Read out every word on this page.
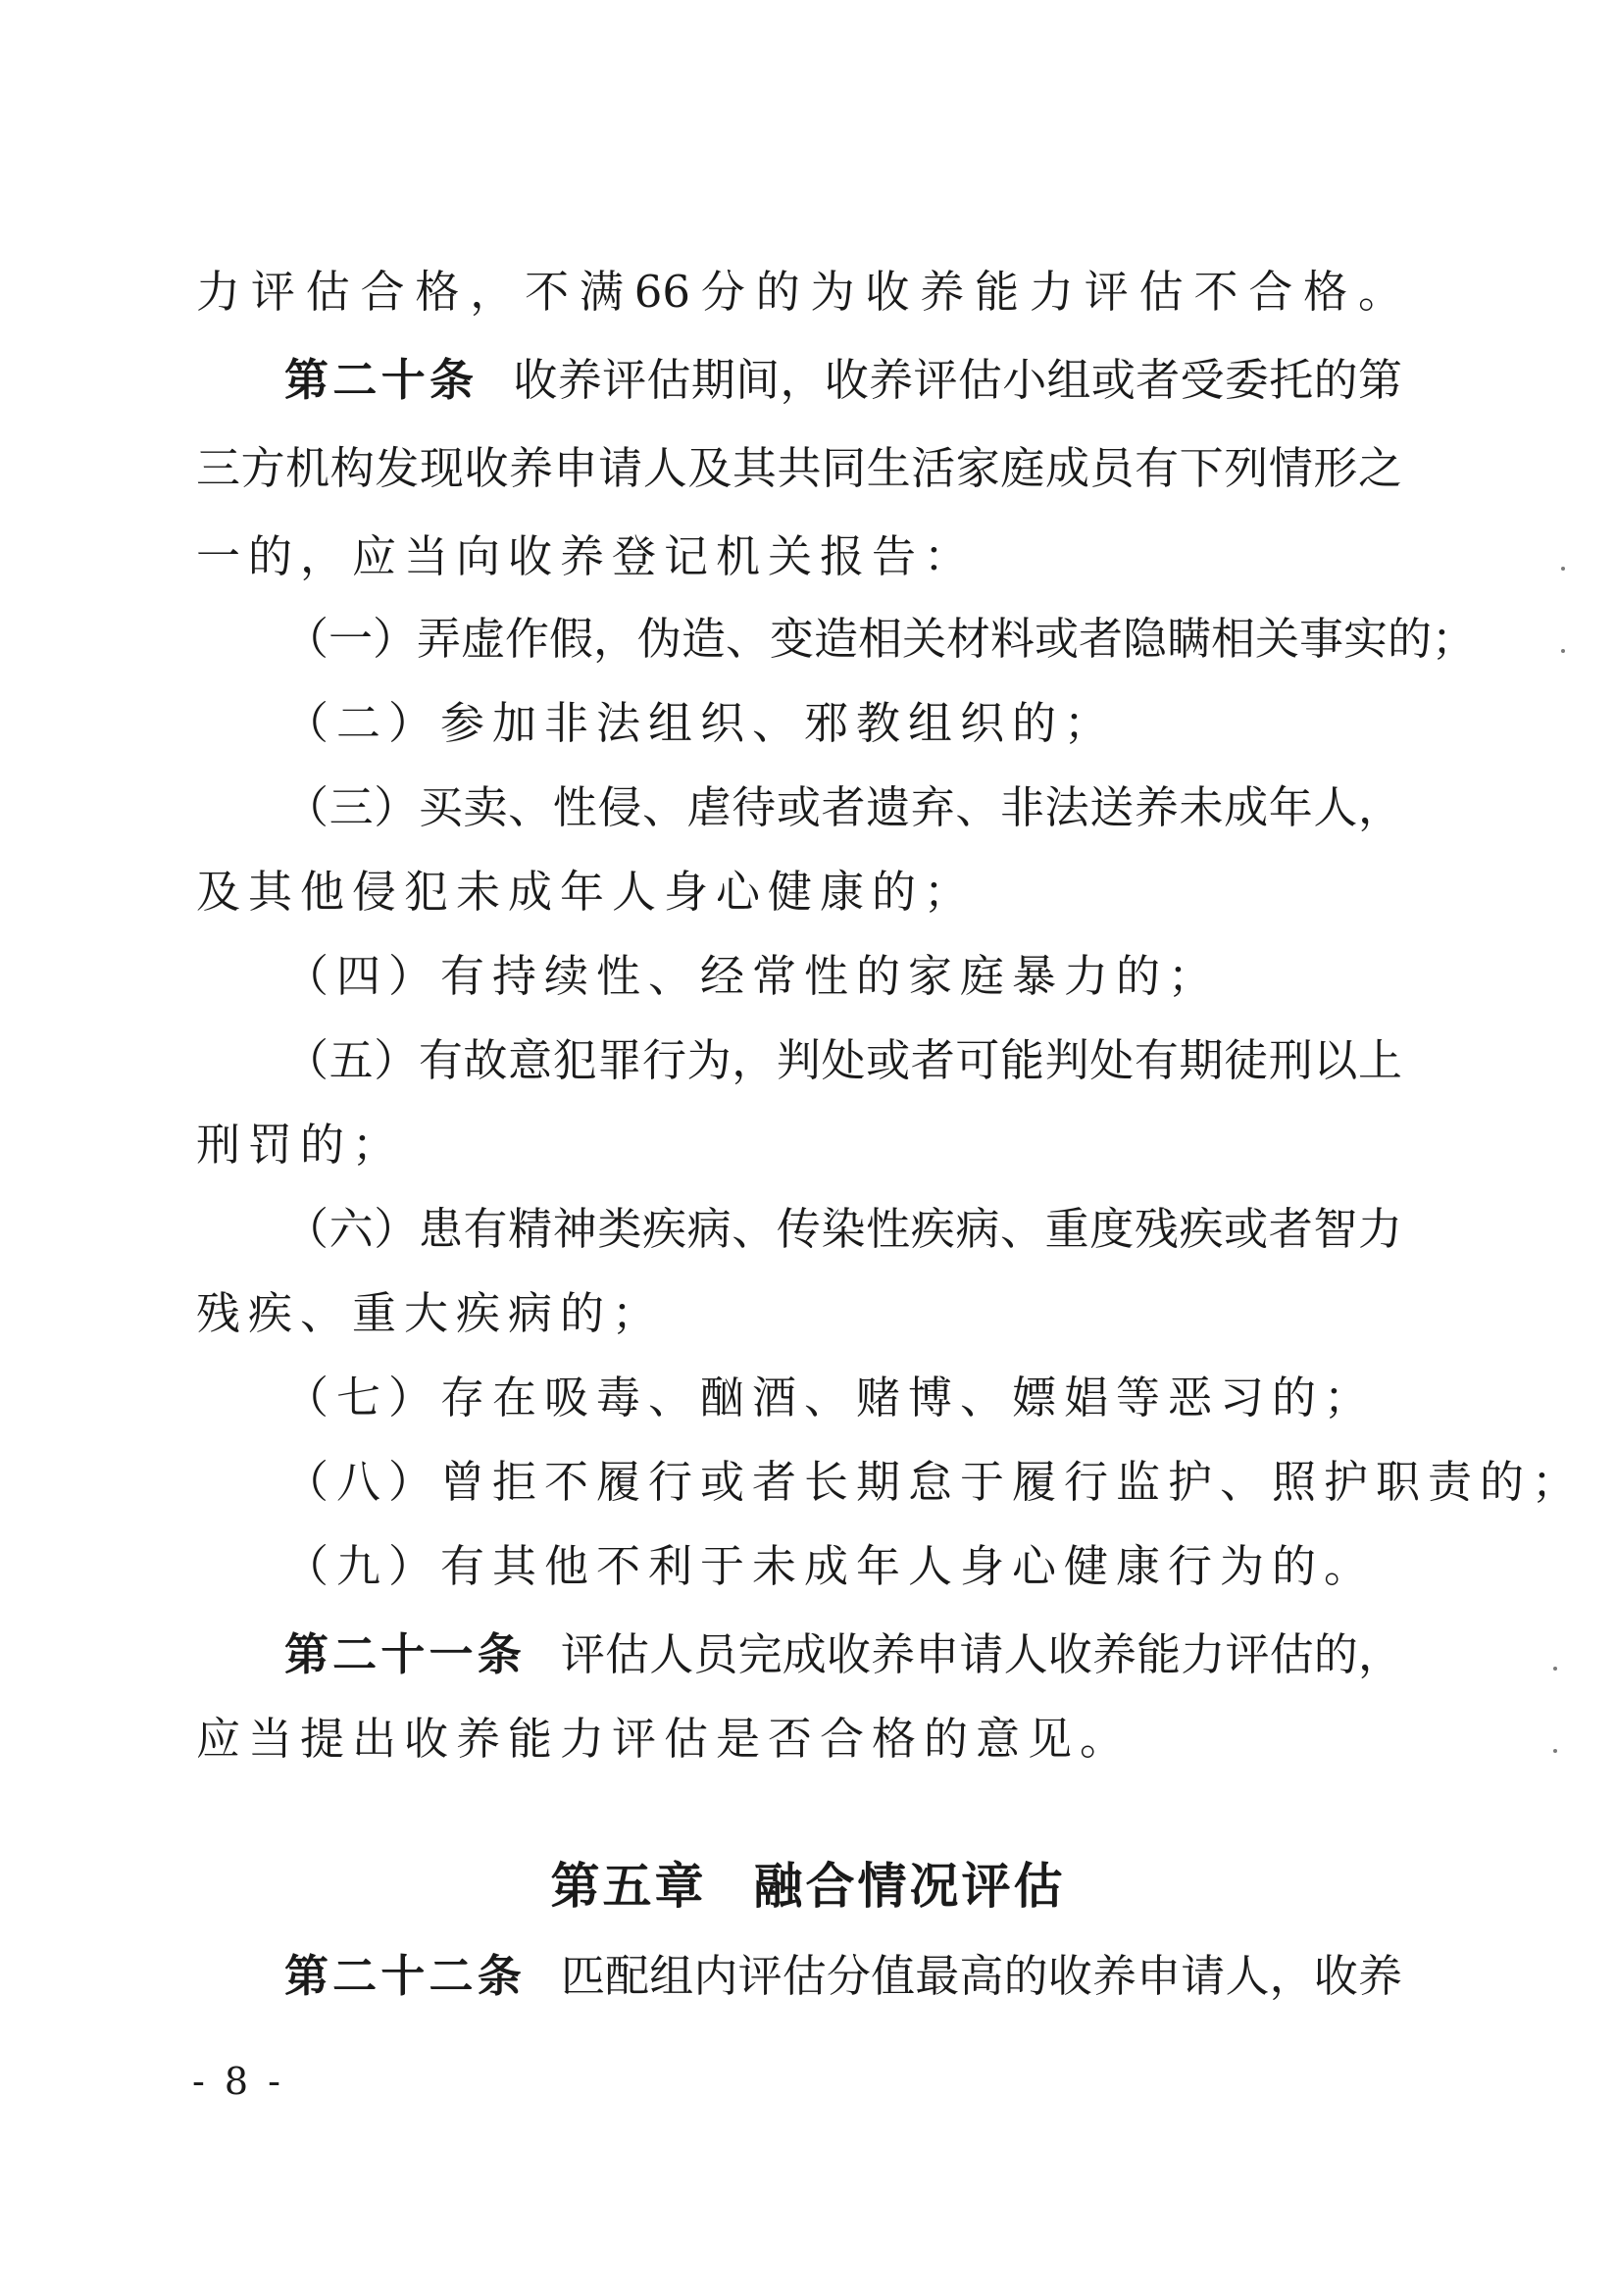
力评估合格，不满66分的为收养能力评估不合格。
第二十条 收养评估期间，收养评估小组或者受委托的第
三方机构发现收养申请人及其共同生活家庭成员有下列情形之
一的，应当向收养登记机关报告：
（一）弄虚作假，伪造、变造相关材料或者隐瞒相关事实的；
（二）参加非法组织、邪教组织的；
（三）买卖、性侵、虐待或者遗弃、非法送养未成年人，
及其他侵犯未成年人身心健康的；
（四）有持续性、经常性的家庭暴力的；
（五）有故意犯罪行为，判处或者可能判处有期徒刑以上
刑罚的；
（六）患有精神类疾病、传染性疾病、重度残疾或者智力
残疾、重大疾病的；
（七）存在吸毒、酗酒、赌博、嫖娼等恶习的；
（八）曾拒不履行或者长期怠于履行监护、照护职责的；
（九）有其他不利于未成年人身心健康行为的。
第二十一条 评估人员完成收养申请人收养能力评估的，
应当提出收养能力评估是否合格的意见。
第五章 融合情况评估
第二十二条 匹配组内评估分值最高的收养申请人，收养
- 8 -
